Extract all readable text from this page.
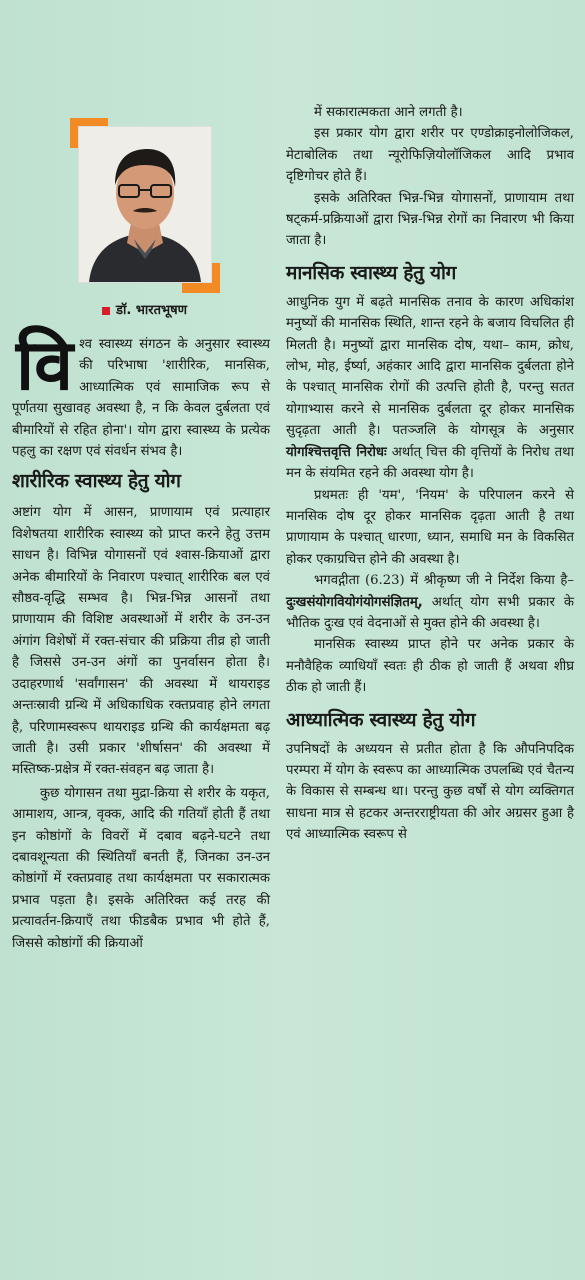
डॉ. भारतभूषण

विश्व स्वास्थ्य संगठन के अनुसार स्वास्थ्य की परिभाषा 'शारीरिक, मानसिक, आध्यात्मिक एवं सामाजिक रूप से पूर्णतया सुखावह अवस्था है, न कि केवल दुर्बलता एवं बीमारियों से रहित होना'। योग द्वारा स्वास्थ्य के प्रत्येक पहलु का रक्षण एवं संवर्धन संभव है।

शारीरिक स्वास्थ्य हेतु योग

अष्टांग योग में आसन, प्राणायाम एवं प्रत्याहार विशेषतया शारीरिक स्वास्थ्य को प्राप्त करने हेतु उत्तम साधन है। विभिन्न योगासनों एवं श्वास-क्रियाओं द्वारा अनेक बीमारियों के निवारण पश्चात् शारीरिक बल एवं सौष्ठव-वृद्धि सम्भव है। भिन्न-भिन्न आसनों तथा प्राणायाम की विशिष्ट अवस्थाओं में शरीर के उन-उन अंगांग विशेषों में रक्त-संचार की प्रक्रिया तीव्र हो जाती है जिससे उन-उन अंगों का पुनर्वासन होता है। उदाहरणार्थ 'सर्वांगासन' की अवस्था में थायराइड अन्तःस्रावी ग्रन्थि में अधिकाधिक रक्तप्रवाह होने लगता है, परिणामस्वरूप थायराइड ग्रन्थि की कार्यक्षमता बढ़ जाती है। उसी प्रकार 'शीर्षासन' की अवस्था में मस्तिष्क-प्रक्षेत्र में रक्त-संवहन बढ़ जाता है।

कुछ योगासन तथा मुद्रा-क्रिया से शरीर के यकृत, आमाशय, आन्त्र, वृक्क, आदि की गतियाँ होती हैं तथा इन कोष्ठांगों के विवरों में दबाव बढ़ने-घटने तथा दबावशून्यता की स्थितियाँ बनती हैं, जिनका उन-उन कोष्ठांगों में रक्तप्रवाह तथा कार्यक्षमता पर सकारात्मक प्रभाव पड़ता है। इसके अतिरिक्त कई तरह की प्रत्यावर्तन-क्रियाएँ तथा फीडबैक प्रभाव भी होते हैं, जिससे कोष्ठांगों की क्रियाओं

में सकारात्मकता आने लगती है।

इस प्रकार योग द्वारा शरीर पर एण्डोक्राइनोलोजिकल, मेटाबोलिक तथा न्यूरोफिज़ियोलॉजिकल आदि प्रभाव दृष्टिगोचर होते हैं।

इसके अतिरिक्त भिन्न-भिन्न योगासनों, प्राणायाम तथा षट्कर्म-प्रक्रियाओं द्वारा भिन्न-भिन्न रोगों का निवारण भी किया जाता है।

मानसिक स्वास्थ्य हेतु योग

आधुनिक युग में बढ़ते मानसिक तनाव के कारण अधिकांश मनुष्यों की मानसिक स्थिति, शान्त रहने के बजाय विचलित ही मिलती है। मनुष्यों द्वारा मानसिक दोष, यथा– काम, क्रोध, लोभ, मोह, ईर्ष्या, अहंकार आदि द्वारा मानसिक दुर्बलता होने के पश्चात् मानसिक रोगों की उत्पत्ति होती है, परन्तु सतत योगाभ्यास करने से मानसिक दुर्बलता दूर होकर मानसिक सुदृढ़ता आती है। पतञ्जलि के योगसूत्र के अनुसार योगश्चित्तवृत्ति निरोधः अर्थात् चित्त की वृत्तियों के निरोध तथा मन के संयमित रहने की अवस्था योग है।

प्रथमतः ही 'यम', 'नियम' के परिपालन करने से मानसिक दोष दूर होकर मानसिक दृढ़ता आती है तथा प्राणायाम के पश्चात् धारणा, ध्यान, समाधि मन के विकसित होकर एकाग्रचित्त होने की अवस्था है।

भगवद्गीता (6.23) में श्रीकृष्ण जी ने निर्देश किया है– दुःखसंयोगवियोगंयोगसंज्ञितम्, अर्थात् योग सभी प्रकार के भौतिक दुःख एवं वेदनाओं से मुक्त होने की अवस्था है।

मानसिक स्वास्थ्य प्राप्त होने पर अनेक प्रकार के मनौवैहिक व्याधियाँ स्वतः ही ठीक हो जाती हैं अथवा शीघ्र ठीक हो जाती हैं।

आध्यात्मिक स्वास्थ्य हेतु योग

उपनिषदों के अध्ययन से प्रतीत होता है कि औपनिपदिक परम्परा में योग के स्वरूप का आध्यात्मिक उपलब्धि एवं चैतन्य के विकास से सम्बन्ध था। परन्तु कुछ वर्षों से योग व्यक्तिगत साधना मात्र से हटकर अन्तरराष्ट्रीयता की ओर अग्रसर हुआ है एवं आध्यात्मिक स्वरूप से
